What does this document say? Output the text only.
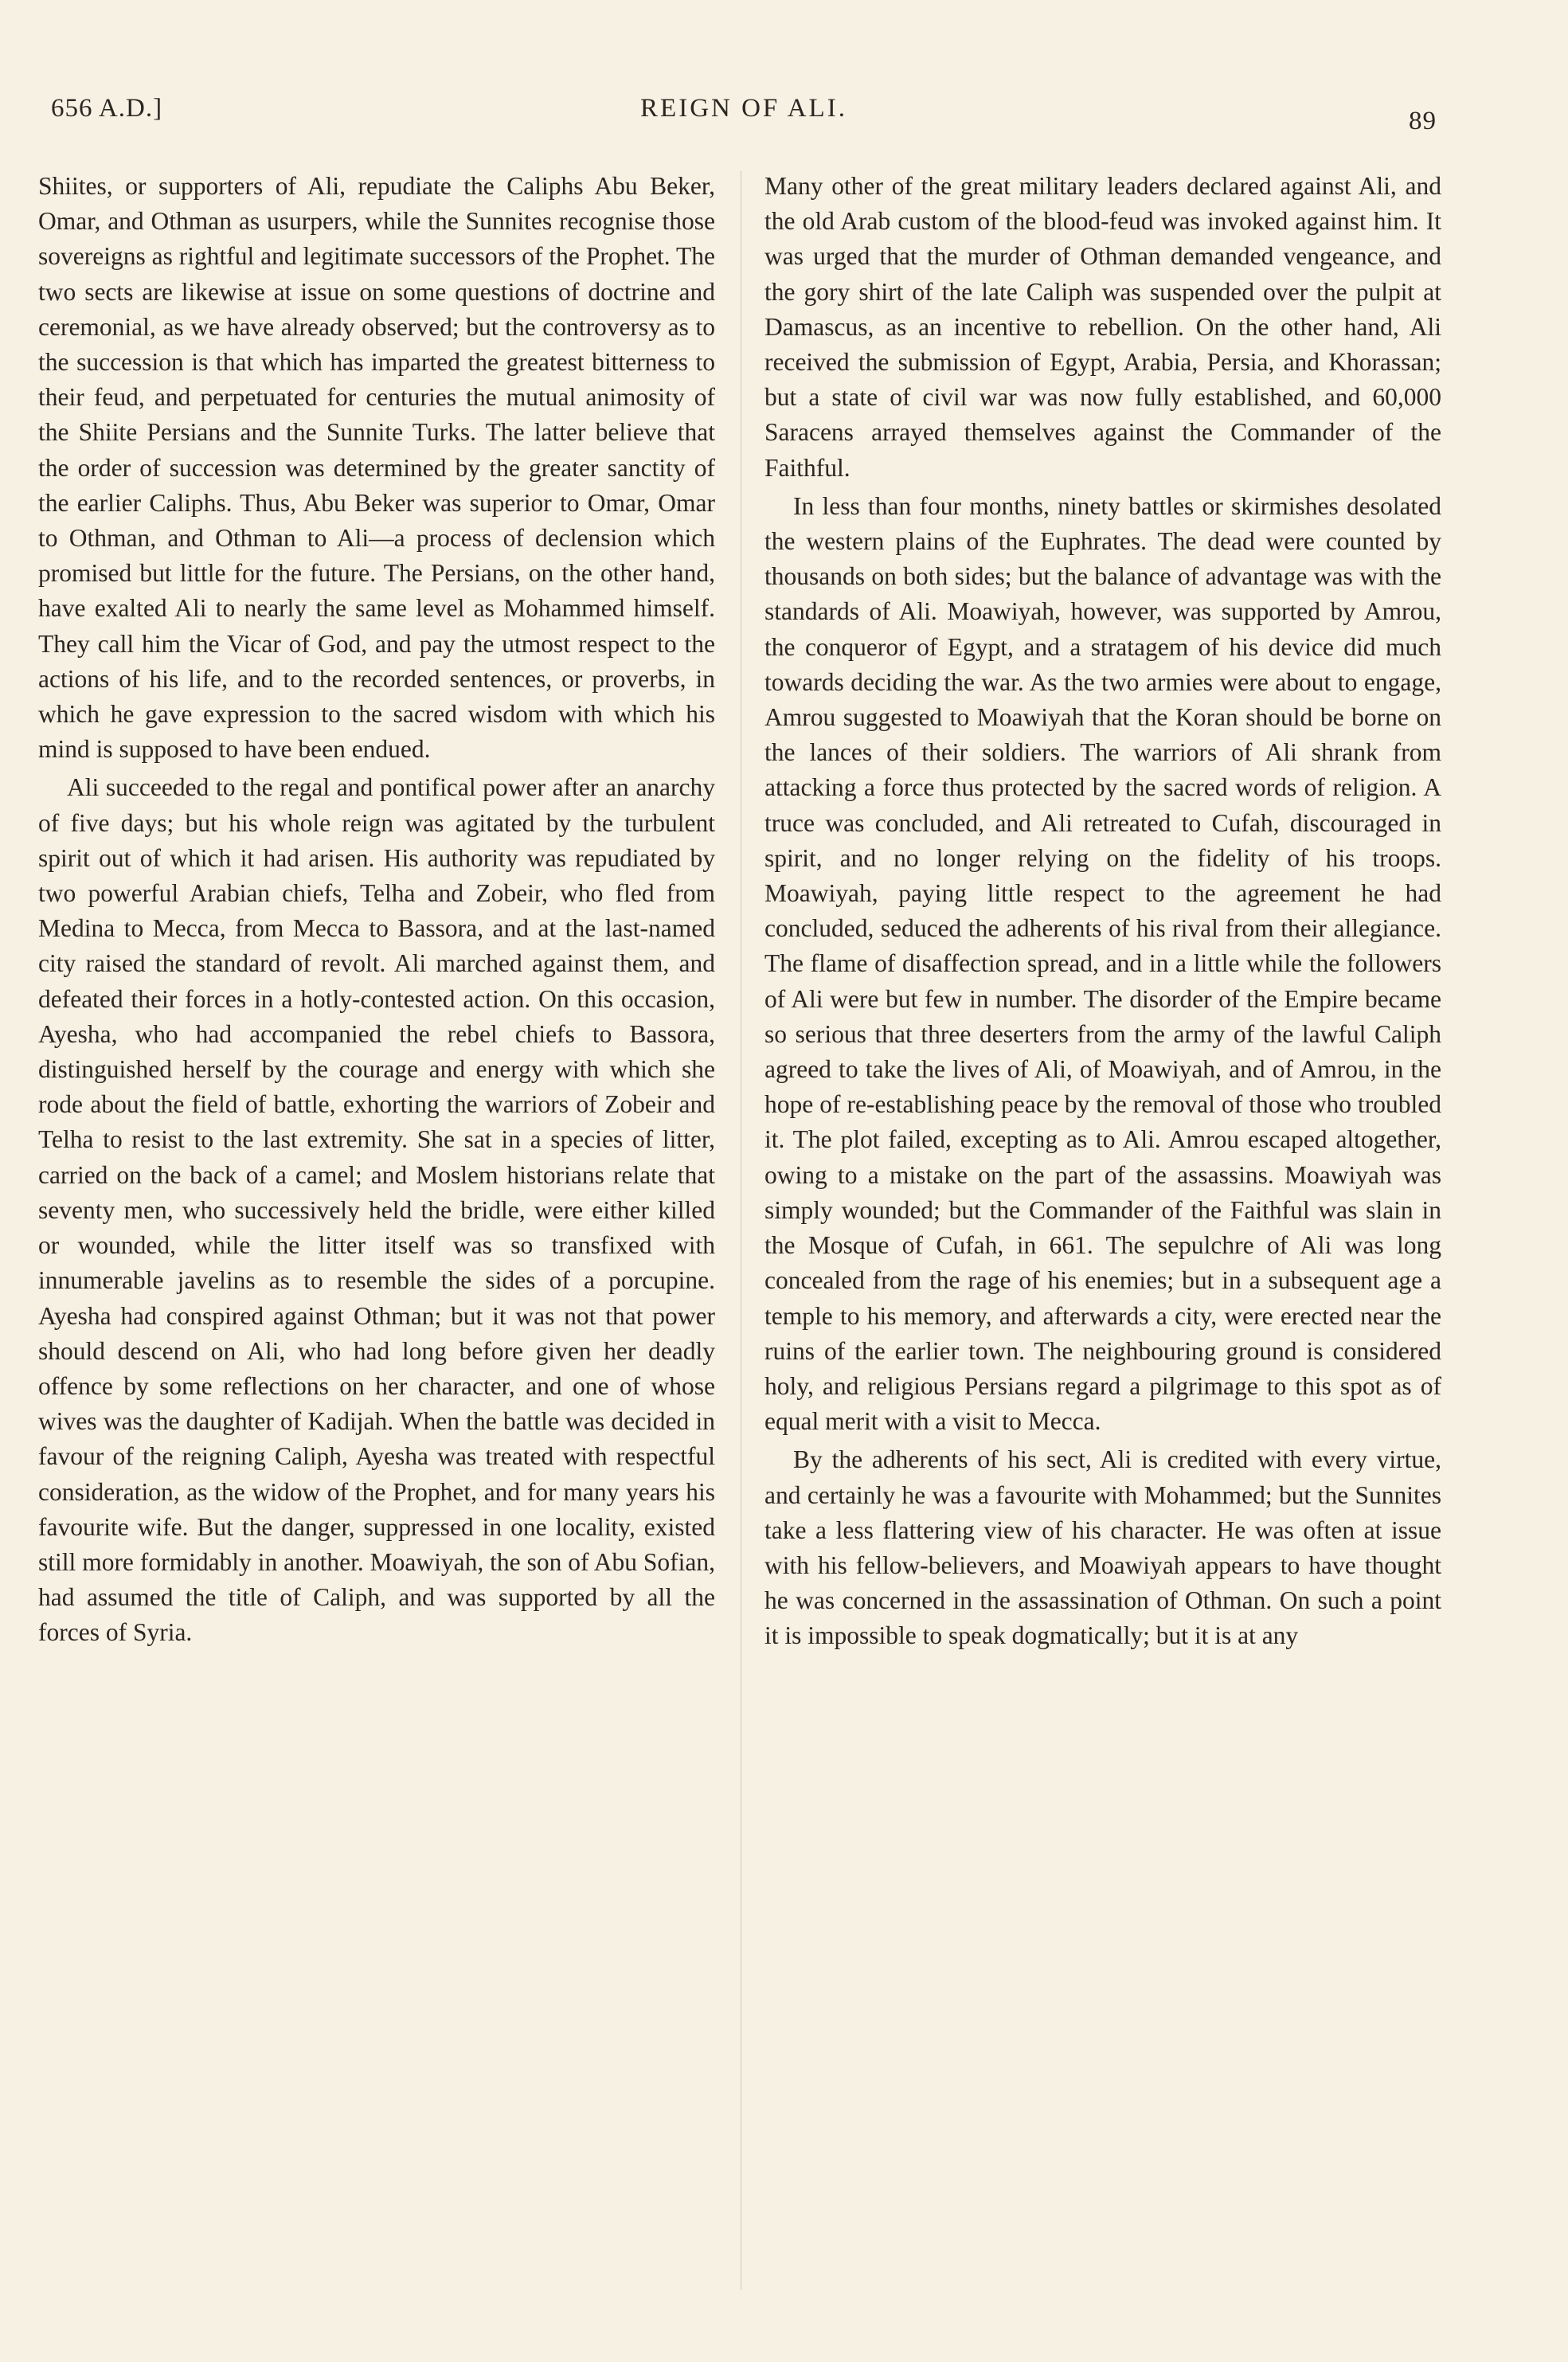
656 A.D.]	REIGN OF ALI.	89

Shiites, or supporters of Ali, repudiate the Caliphs Abu Beker, Omar, and Othman as usurpers, while the Sunnites recognise those sovereigns as rightful and legitimate successors of the Prophet. The two sects are likewise at issue on some questions of doctrine and ceremonial, as we have already observed; but the controversy as to the succession is that which has imparted the greatest bitterness to their feud, and perpetuated for centuries the mutual animosity of the Shiite Persians and the Sunnite Turks. The latter believe that the order of succession was determined by the greater sanctity of the earlier Caliphs. Thus, Abu Beker was superior to Omar, Omar to Othman, and Othman to Ali—a process of declension which promised but little for the future. The Persians, on the other hand, have exalted Ali to nearly the same level as Mohammed himself. They call him the Vicar of God, and pay the utmost respect to the actions of his life, and to the recorded sentences, or proverbs, in which he gave expression to the sacred wisdom with which his mind is supposed to have been endued.

Ali succeeded to the regal and pontifical power after an anarchy of five days; but his whole reign was agitated by the turbulent spirit out of which it had arisen. His authority was repudiated by two powerful Arabian chiefs, Telha and Zobeir, who fled from Medina to Mecca, from Mecca to Bassora, and at the last-named city raised the standard of revolt. Ali marched against them, and defeated their forces in a hotly-contested action. On this occasion, Ayesha, who had accompanied the rebel chiefs to Bassora, distinguished herself by the courage and energy with which she rode about the field of battle, exhorting the warriors of Zobeir and Telha to resist to the last extremity. She sat in a species of litter, carried on the back of a camel; and Moslem historians relate that seventy men, who successively held the bridle, were either killed or wounded, while the litter itself was so transfixed with innumerable javelins as to resemble the sides of a porcupine. Ayesha had conspired against Othman; but it was not that power should descend on Ali, who had long before given her deadly offence by some reflections on her character, and one of whose wives was the daughter of Kadijah. When the battle was decided in favour of the reigning Caliph, Ayesha was treated with respectful consideration, as the widow of the Prophet, and for many years his favourite wife. But the danger, suppressed in one locality, existed still more formidably in another. Moawiyah, the son of Abu Sofian, had assumed the title of Caliph, and was supported by all the forces of Syria.

Many other of the great military leaders declared against Ali, and the old Arab custom of the blood-feud was invoked against him. It was urged that the murder of Othman demanded vengeance, and the gory shirt of the late Caliph was suspended over the pulpit at Damascus, as an incentive to rebellion. On the other hand, Ali received the submission of Egypt, Arabia, Persia, and Khorassan; but a state of civil war was now fully established, and 60,000 Saracens arrayed themselves against the Commander of the Faithful.

In less than four months, ninety battles or skirmishes desolated the western plains of the Euphrates. The dead were counted by thousands on both sides; but the balance of advantage was with the standards of Ali. Moawiyah, however, was supported by Amrou, the conqueror of Egypt, and a stratagem of his device did much towards deciding the war. As the two armies were about to engage, Amrou suggested to Moawiyah that the Koran should be borne on the lances of their soldiers. The warriors of Ali shrank from attacking a force thus protected by the sacred words of religion. A truce was concluded, and Ali retreated to Cufah, discouraged in spirit, and no longer relying on the fidelity of his troops. Moawiyah, paying little respect to the agreement he had concluded, seduced the adherents of his rival from their allegiance. The flame of disaffection spread, and in a little while the followers of Ali were but few in number. The disorder of the Empire became so serious that three deserters from the army of the lawful Caliph agreed to take the lives of Ali, of Moawiyah, and of Amrou, in the hope of re-establishing peace by the removal of those who troubled it. The plot failed, excepting as to Ali. Amrou escaped altogether, owing to a mistake on the part of the assassins. Moawiyah was simply wounded; but the Commander of the Faithful was slain in the Mosque of Cufah, in 661. The sepulchre of Ali was long concealed from the rage of his enemies; but in a subsequent age a temple to his memory, and afterwards a city, were erected near the ruins of the earlier town. The neighbouring ground is considered holy, and religious Persians regard a pilgrimage to this spot as of equal merit with a visit to Mecca.

By the adherents of his sect, Ali is credited with every virtue, and certainly he was a favourite with Mohammed; but the Sunnites take a less flattering view of his character. He was often at issue with his fellow-believers, and Moawiyah appears to have thought he was concerned in the assassination of Othman. On such a point it is impossible to speak dogmatically; but it is at any
